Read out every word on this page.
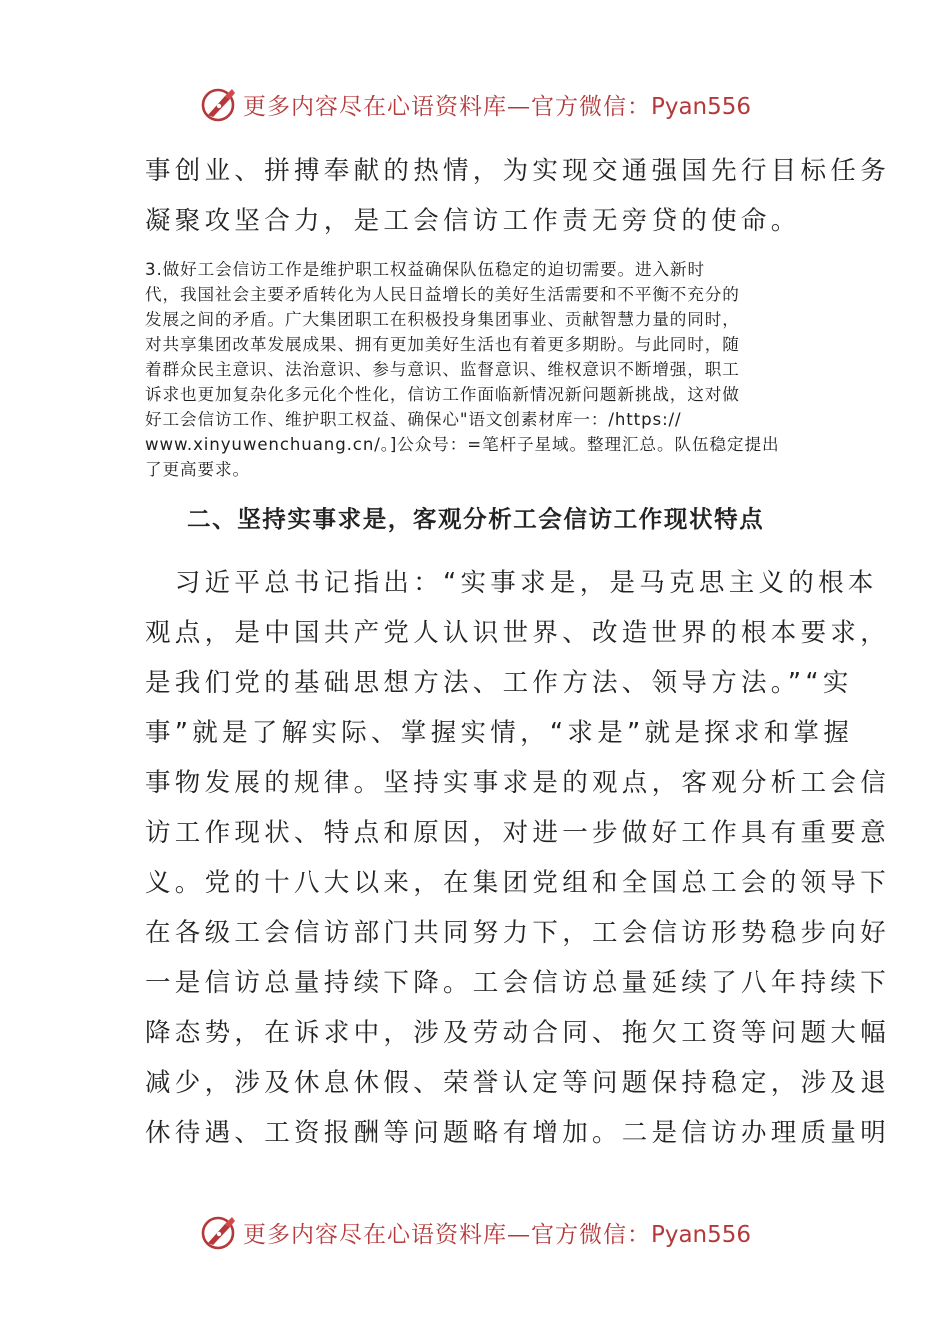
更多内容尽在心语资料库—官方微信：Pyan556
事创业、拼搏奉献的热情，为实现交通强国先行目标任务
凝聚攻坚合力，是工会信访工作责无旁贷的使命。
3.做好工会信访工作是维护职工权益确保队伍稳定的迫切需要。进入新时
代，我国社会主要矛盾转化为人民日益增长的美好生活需要和不平衡不充分的
发展之间的矛盾。广大集团职工在积极投身集团事业、贡献智慧力量的同时，
对共享集团改革发展成果、拥有更加美好生活也有着更多期盼。与此同时，随
着群众民主意识、法治意识、参与意识、监督意识、维权意识不断增强，职工
诉求也更加复杂化多元化个性化，信访工作面临新情况新问题新挑战，这对做
好工会信访工作、维护职工权益、确保心"语文创素材库一：/https://
www.xinyuwenchuang.cn/。]公众号：=笔杆子星域。整理汇总。队伍稳定提出
了更高要求。
二、坚持实事求是，客观分析工会信访工作现状特点
　习近平总书记指出：“实事求是，是马克思主义的根本
观点，是中国共产党人认识世界、改造世界的根本要求，
是我们党的基础思想方法、工作方法、领导方法。”“实
事”就是了解实际、掌握实情，“求是”就是探求和掌握
事物发展的规律。坚持实事求是的观点，客观分析工会信
访工作现状、特点和原因，对进一步做好工作具有重要意
义。党的十八大以来，在集团党组和全国总工会的领导下
在各级工会信访部门共同努力下，工会信访形势稳步向好
一是信访总量持续下降。工会信访总量延续了八年持续下
降态势，在诉求中，涉及劳动合同、拖欠工资等问题大幅
减少，涉及休息休假、荣誉认定等问题保持稳定，涉及退
休待遇、工资报酬等问题略有增加。二是信访办理质量明
更多内容尽在心语资料库—官方微信：Pyan556
